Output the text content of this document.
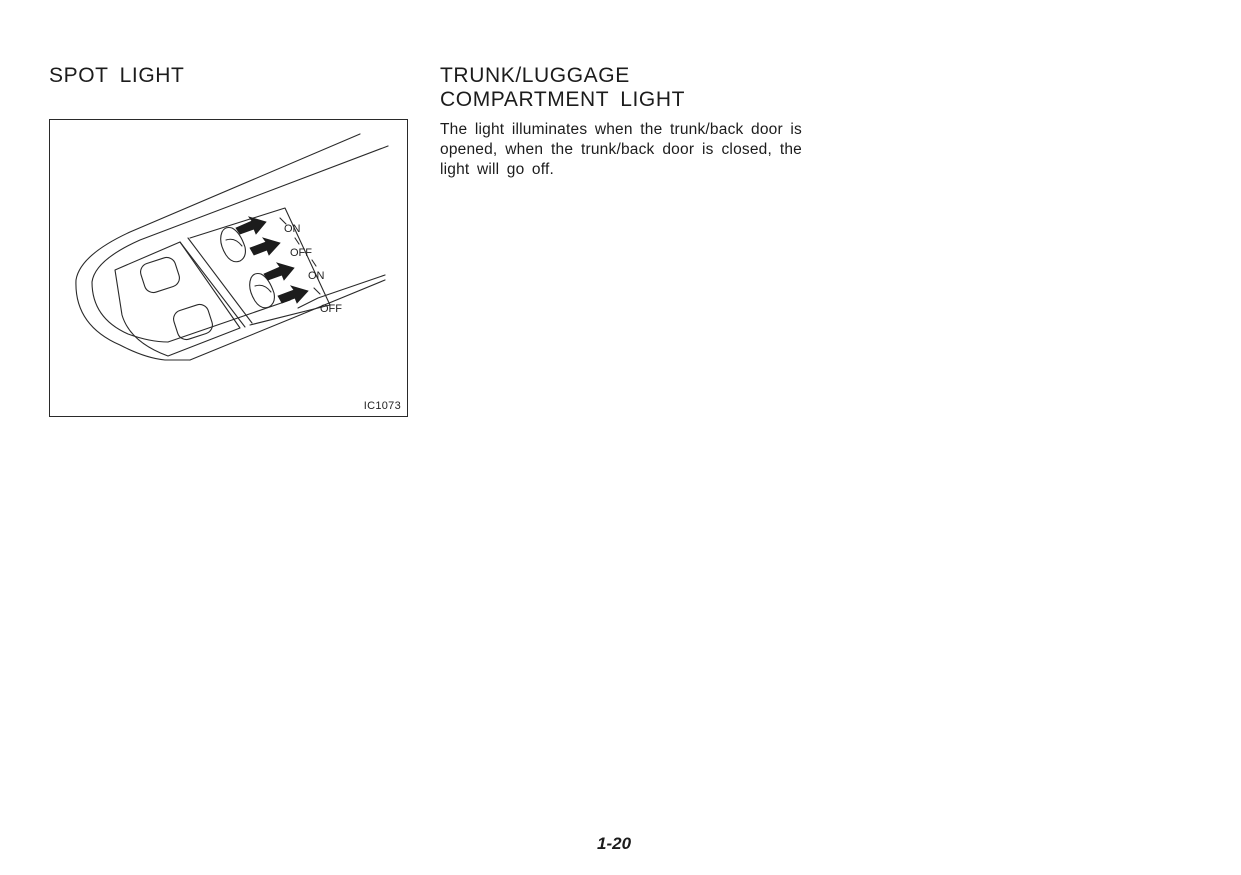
SPOT LIGHT
ON
OFF
ON
OFF
IC1073
TRUNK/LUGGAGE
COMPARTMENT LIGHT

The light illuminates when the trunk/back door is opened, when the trunk/back door is closed, the light will go off.

1-20
